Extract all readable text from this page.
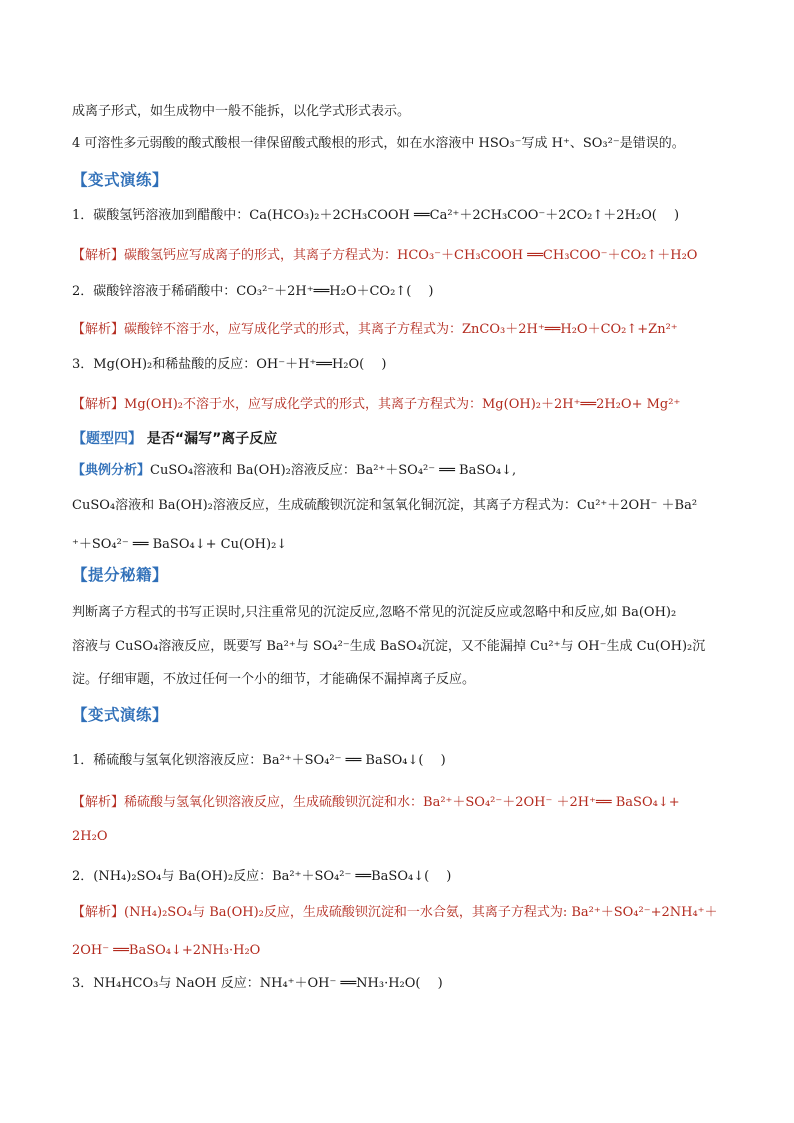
成离子形式，如生成物中一般不能拆，以化学式形式表示。
4 可溶性多元弱酸的酸式酸根一律保留酸式酸根的形式，如在水溶液中 HSO₃⁻写成 H⁺、SO₃²⁻是错误的。
【变式演练】
1．碳酸氢钙溶液加到醋酸中：Ca(HCO₃)₂＋2CH₃COOH ══Ca²⁺＋2CH₃COO⁻＋2CO₂↑＋2H₂O(　 )
【解析】碳酸氢钙应写成离子的形式，其离子方程式为：HCO₃⁻＋CH₃COOH ══CH₃COO⁻＋CO₂↑＋H₂O
2．碳酸锌溶液于稀硝酸中：CO₃²⁻＋2H⁺══H₂O＋CO₂↑(　 )
【解析】碳酸锌不溶于水，应写成化学式的形式，其离子方程式为：ZnCO₃＋2H⁺══H₂O＋CO₂↑+Zn²⁺
3．Mg(OH)₂和稀盐酸的反应：OH⁻＋H⁺══H₂O(　 )
【解析】Mg(OH)₂不溶于水，应写成化学式的形式，其离子方程式为：Mg(OH)₂＋2H⁺══2H₂O+ Mg²⁺
【题型四】 是否“漏写”离子反应
【典例分析】CuSO₄溶液和 Ba(OH)₂溶液反应：Ba²⁺＋SO₄²⁻ ══ BaSO₄↓,
CuSO₄溶液和 Ba(OH)₂溶液反应，生成硫酸钡沉淀和氢氧化铜沉淀，其离子方程式为：Cu²⁺＋2OH⁻ ＋Ba²
⁺＋SO₄²⁻ ══ BaSO₄↓+ Cu(OH)₂↓
【提分秘籍】
判断离子方程式的书写正误时,只注重常见的沉淀反应,忽略不常见的沉淀反应或忽略中和反应,如 Ba(OH)₂
溶液与 CuSO₄溶液反应，既要写 Ba²⁺与 SO₄²⁻生成 BaSO₄沉淀，又不能漏掉 Cu²⁺与 OH⁻生成 Cu(OH)₂沉
淀。仔细审题，不放过任何一个小的细节，才能确保不漏掉离子反应。
【变式演练】
1．稀硫酸与氢氧化钡溶液反应：Ba²⁺＋SO₄²⁻ ══ BaSO₄↓(　 )
【解析】稀硫酸与氢氧化钡溶液反应，生成硫酸钡沉淀和水：Ba²⁺＋SO₄²⁻＋2OH⁻ ＋2H⁺══ BaSO₄↓+
2H₂O
2．(NH₄)₂SO₄与 Ba(OH)₂反应：Ba²⁺＋SO₄²⁻ ══BaSO₄↓(　 )
【解析】(NH₄)₂SO₄与 Ba(OH)₂反应，生成硫酸钡沉淀和一水合氨，其离子方程式为: Ba²⁺＋SO₄²⁻+2NH₄⁺＋
2OH⁻ ══BaSO₄↓+2NH₃·H₂O
3．NH₄HCO₃与 NaOH 反应：NH₄⁺＋OH⁻ ══NH₃·H₂O(　 )
